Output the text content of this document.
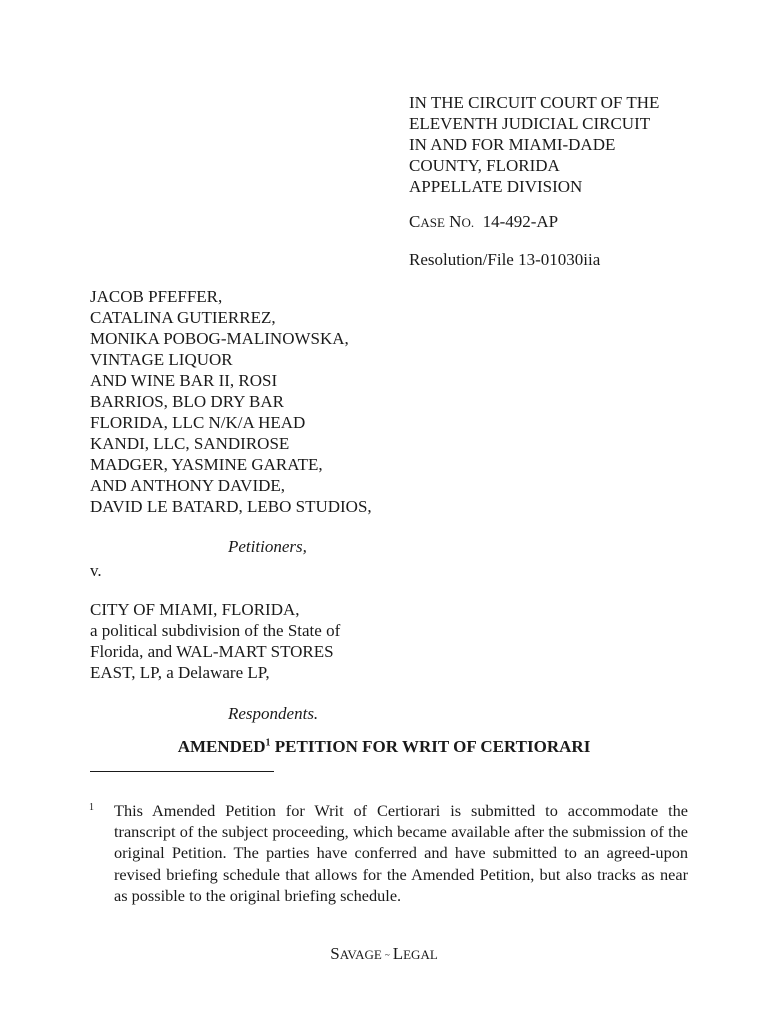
IN THE CIRCUIT COURT OF THE
ELEVENTH JUDICIAL CIRCUIT
IN AND FOR MIAMI-DADE
COUNTY, FLORIDA
APPELLATE DIVISION
CASE NO. 14-492-AP
Resolution/File 13-01030iia
JACOB PFEFFER,
CATALINA GUTIERREZ,
MONIKA POBOG-MALINOWSKA,
VINTAGE LIQUOR
AND WINE BAR II, ROSI
BARRIOS, BLO DRY BAR
FLORIDA, LLC N/K/A HEAD
KANDI, LLC, SANDIROSE
MADGER, YASMINE GARATE,
AND ANTHONY DAVIDE,
DAVID LE BATARD, LEBO STUDIOS,
Petitioners,
v.
CITY OF MIAMI, FLORIDA,
a political subdivision of the State of
Florida, and WAL-MART STORES
EAST, LP, a Delaware LP,
Respondents.
AMENDED$^1$ PETITION FOR WRIT OF CERTIORARI
1 This Amended Petition for Writ of Certiorari is submitted to accommodate the transcript of the subject proceeding, which became available after the submission of the original Petition. The parties have conferred and have submitted to an agreed-upon revised briefing schedule that allows for the Amended Petition, but also tracks as near as possible to the original briefing schedule.
SAVAGE ~ LEGAL
